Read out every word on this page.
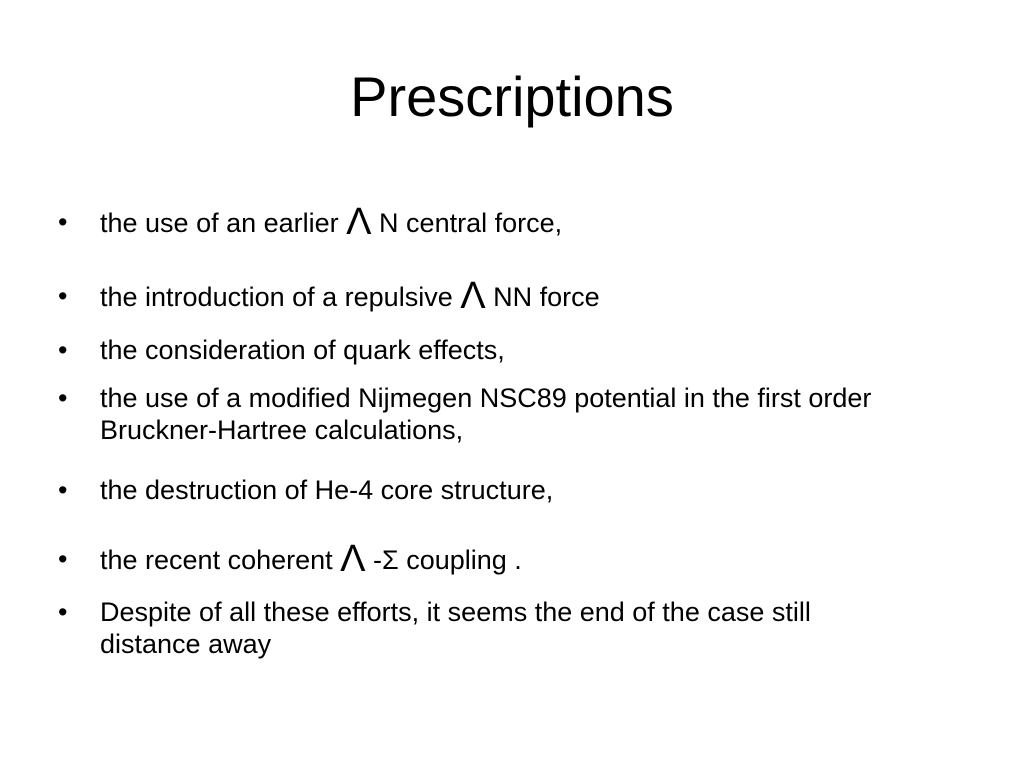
Prescriptions
•	the use of an earlier Λ N central force,
•	the introduction of a repulsive Λ NN force
•	the consideration of quark effects,
•	the use of a modified Nijmegen NSC89 potential in the first order Bruckner-Hartree calculations,
•	the destruction of He-4 core structure,
•	the recent coherent Λ -Σ coupling .
•	Despite of all these efforts, it seems the end of the case still distance away
